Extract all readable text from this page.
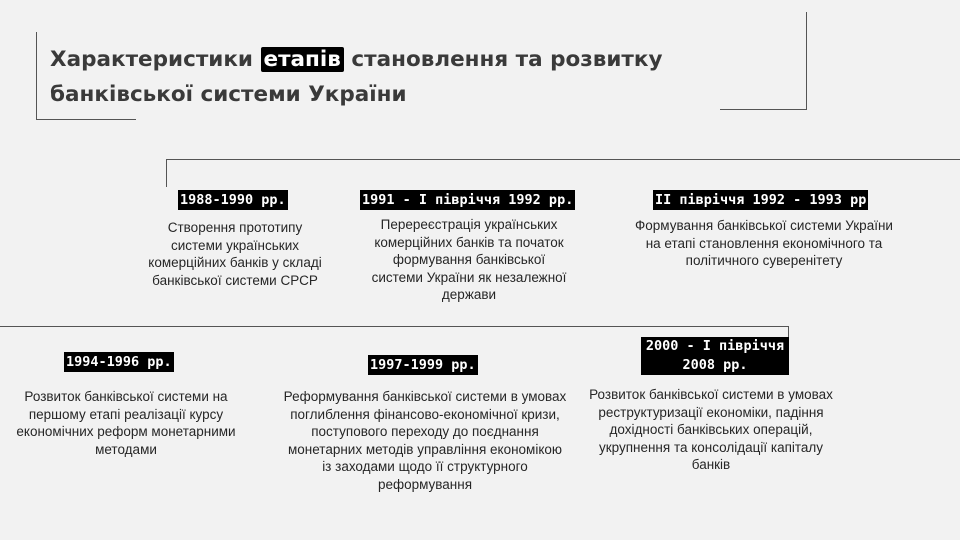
Характеристики етапів становлення та розвитку банківської системи України
1988-1990 рр.
Створення прототипу системи українських комерційних банків у складі банківської системи СРСР
1991 - I півріччя 1992 рр.
Перереєстрація українських комерційних банків та початок формування банківської системи України як незалежної держави
II півріччя 1992 - 1993 рр
Формування банківської системи України на етапі становлення економічного та політичного суверенітету
1994-1996 рр.
Розвиток банківської системи на першому етапі реалізації курсу економічних реформ монетарними методами
1997-1999 рр.
Реформування банківської системи в умовах поглиблення фінансово-економічної кризи, поступового переходу до поєднання монетарних методів управління економікою із заходами щодо її структурного реформування
2000 - I півріччя 2008 рр.
Розвиток банківської системи в умовах реструктуризації економіки, падіння дохідності банківських операцій, укрупнення та консолідації капіталу банків
